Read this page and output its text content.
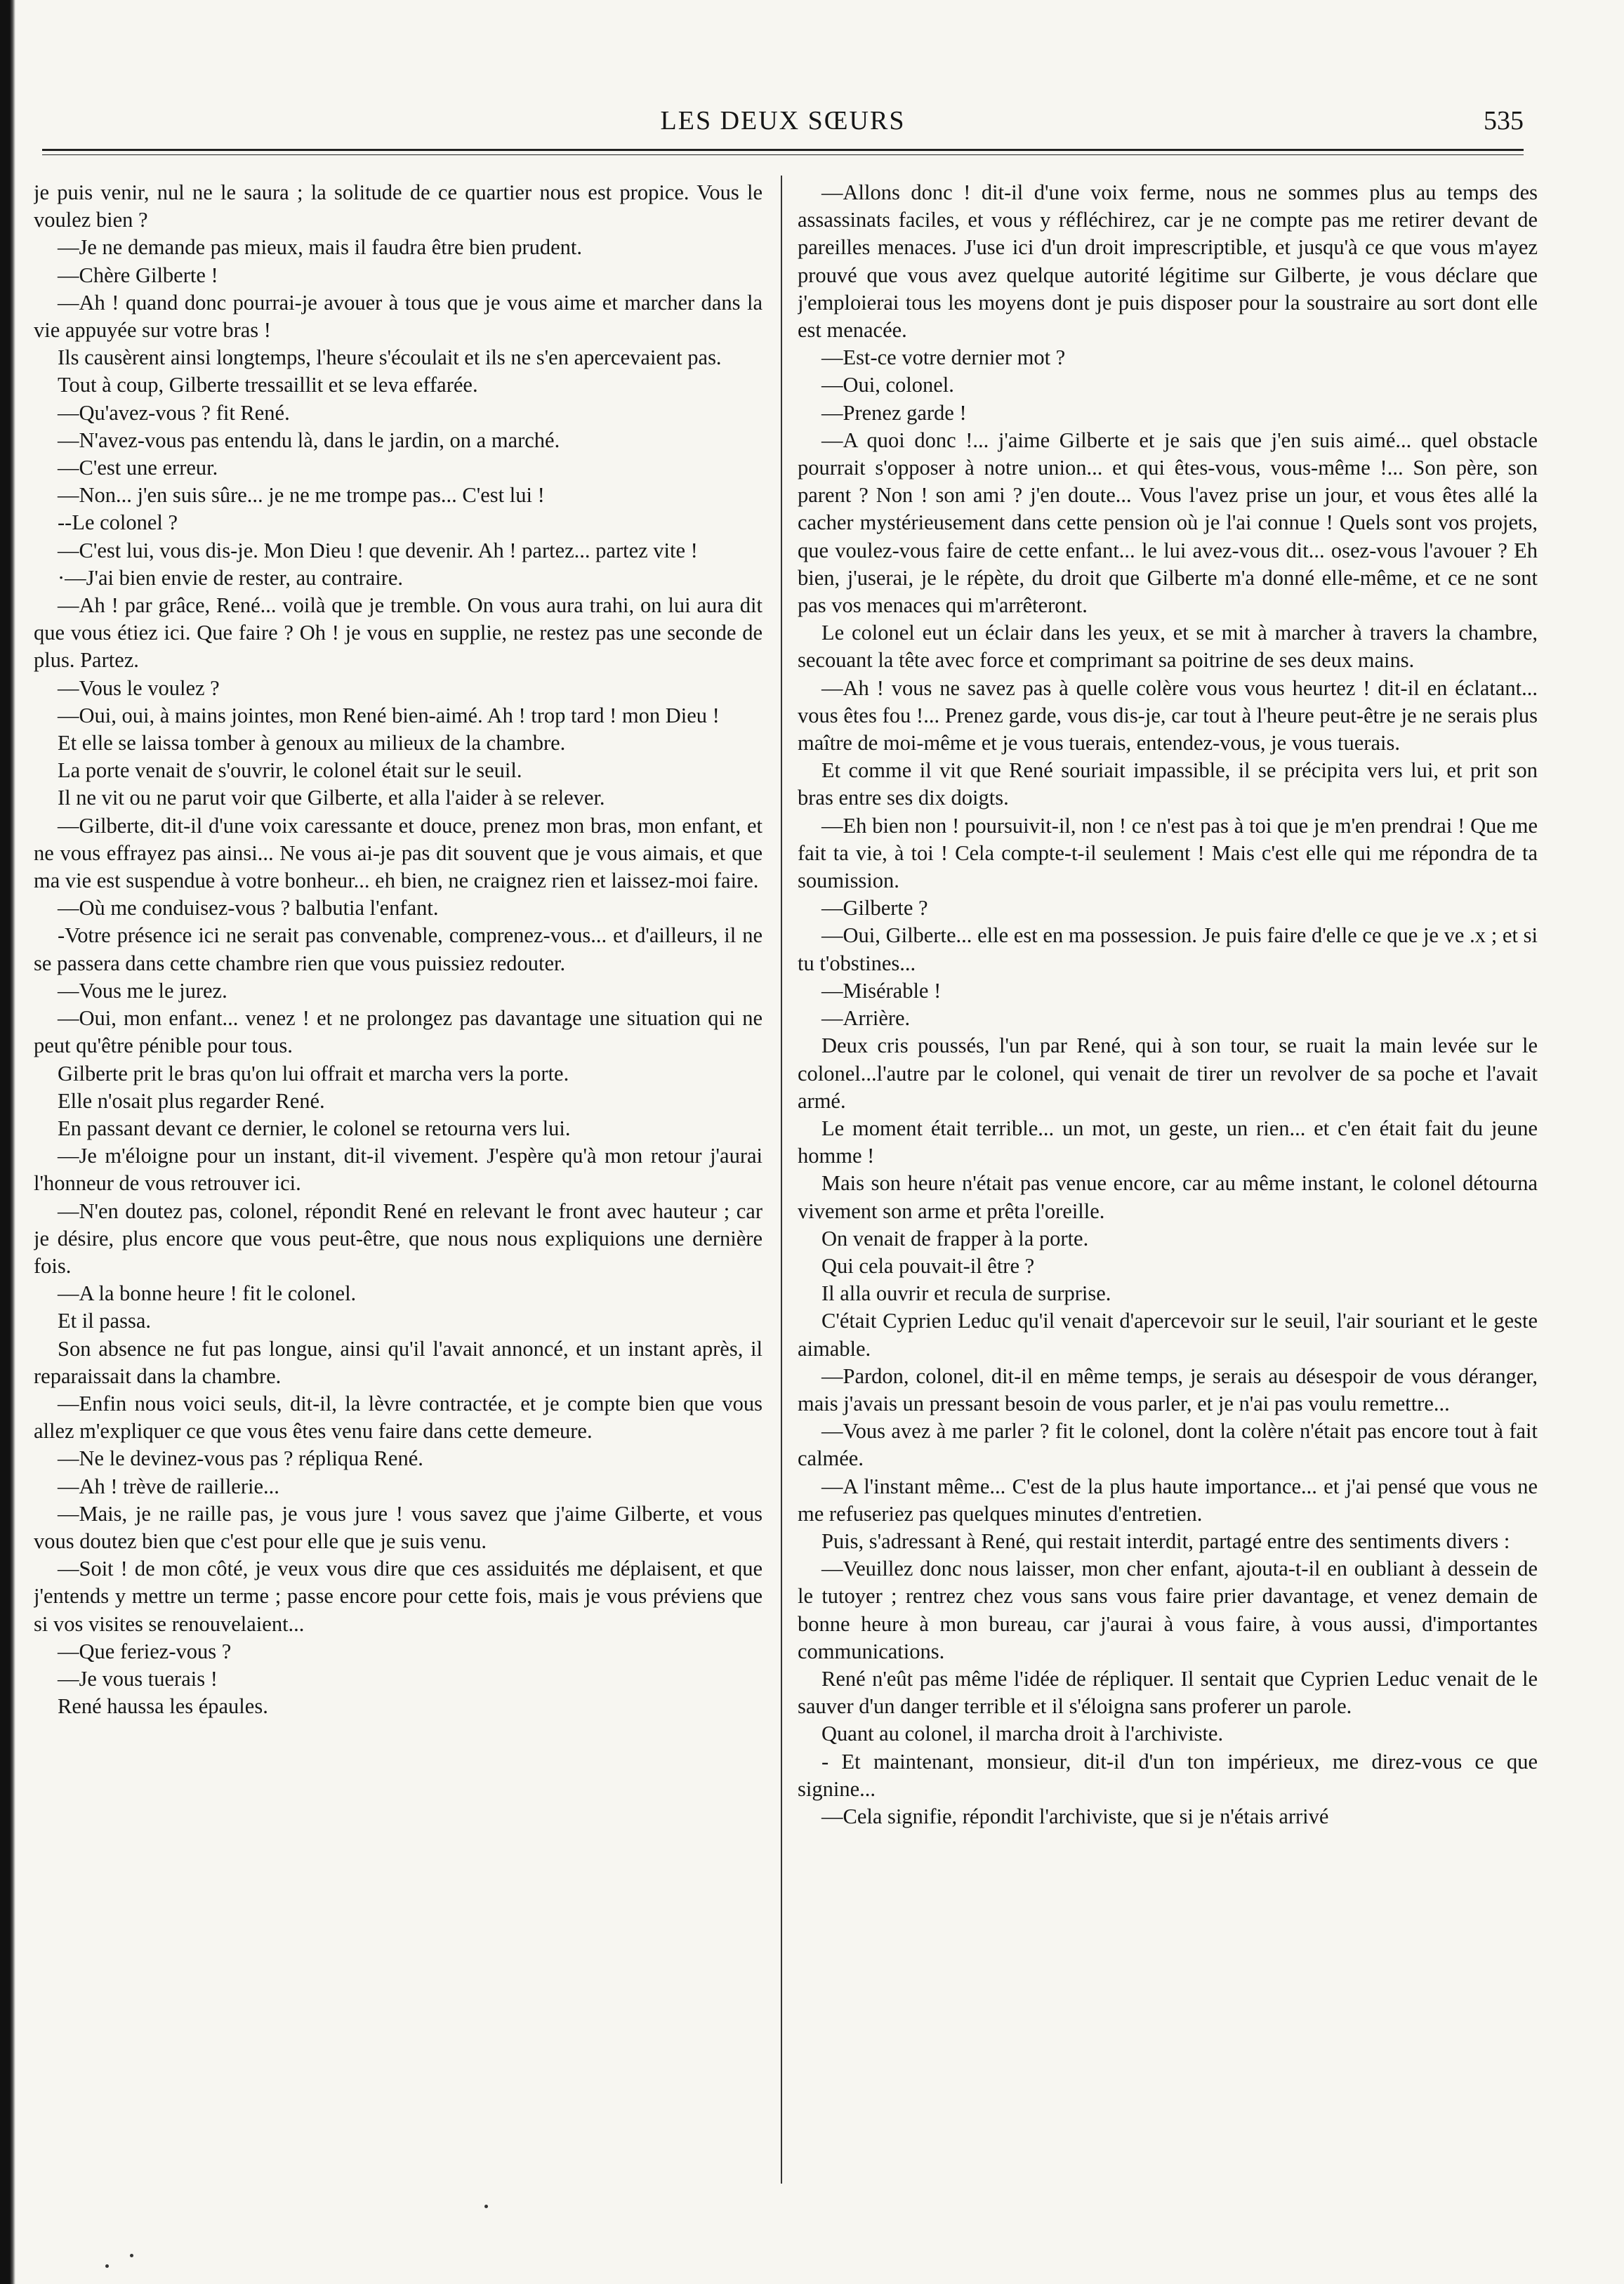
LES DEUX SŒURS	535

je puis venir, nul ne le saura ; la solitude de ce quartier nous est propice. Vous le voulez bien ?

—Je ne demande pas mieux, mais il faudra être bien prudent.

—Chère Gilberte !

—Ah ! quand donc pourrai-je avouer à tous que je vous aime et marcher dans la vie appuyée sur votre bras !

Ils causèrent ainsi longtemps, l'heure s'écoulait et ils ne s'en apercevaient pas.

Tout à coup, Gilberte tressaillit et se leva effarée.

—Qu'avez-vous ? fit René.

—N'avez-vous pas entendu là, dans le jardin, on a marché.

—C'est une erreur.

—Non... j'en suis sûre... je ne me trompe pas... C'est lui !

--Le colonel ?

—C'est lui, vous dis-je. Mon Dieu ! que devenir. Ah ! partez... partez vite !

·—J'ai bien envie de rester, au contraire.

—Ah ! par grâce, René... voilà que je tremble. On vous aura trahi, on lui aura dit que vous étiez ici. Que faire ? Oh ! je vous en supplie, ne restez pas une seconde de plus. Partez.

—Vous le voulez ?

—Oui, oui, à mains jointes, mon René bien-aimé. Ah ! trop tard ! mon Dieu !

Et elle se laissa tomber à genoux au milieux de la chambre.

La porte venait de s'ouvrir, le colonel était sur le seuil.

Il ne vit ou ne parut voir que Gilberte, et alla l'aider à se relever.

—Gilberte, dit-il d'une voix caressante et douce, prenez mon bras, mon enfant, et ne vous effrayez pas ainsi... Ne vous ai-je pas dit souvent que je vous aimais, et que ma vie est suspendue à votre bonheur... eh bien, ne craignez rien et laissez-moi faire.

—Où me conduisez-vous ? balbutia l'enfant.

-Votre présence ici ne serait pas convenable, comprenez-vous... et d'ailleurs, il ne se passera dans cette chambre rien que vous puissiez redouter.

—Vous me le jurez.

—Oui, mon enfant... venez ! et ne prolongez pas davantage une situation qui ne peut qu'être pénible pour tous.

Gilberte prit le bras qu'on lui offrait et marcha vers la porte.

Elle n'osait plus regarder René.

En passant devant ce dernier, le colonel se retourna vers lui.

—Je m'éloigne pour un instant, dit-il vivement. J'espère qu'à mon retour j'aurai l'honneur de vous retrouver ici.

—N'en doutez pas, colonel, répondit René en relevant le front avec hauteur ; car je désire, plus encore que vous peut-être, que nous nous expliquions une dernière fois.

—A la bonne heure ! fit le colonel.

Et il passa.

Son absence ne fut pas longue, ainsi qu'il l'avait annoncé, et un instant après, il reparaissait dans la chambre.

—Enfin nous voici seuls, dit-il, la lèvre contractée, et je compte bien que vous allez m'expliquer ce que vous êtes venu faire dans cette demeure.

—Ne le devinez-vous pas ? répliqua René.

—Ah ! trève de raillerie...

—Mais, je ne raille pas, je vous jure ! vous savez que j'aime Gilberte, et vous vous doutez bien que c'est pour elle que je suis venu.

—Soit ! de mon côté, je veux vous dire que ces assiduités me déplaisent, et que j'entends y mettre un terme ; passe encore pour cette fois, mais je vous préviens que si vos visites se renouvelaient...

—Que feriez-vous ?

—Je vous tuerais !

René haussa les épaules.

—Allons donc ! dit-il d'une voix ferme, nous ne sommes plus au temps des assassinats faciles, et vous y réfléchirez, car je ne compte pas me retirer devant de pareilles menaces. J'use ici d'un droit imprescriptible, et jusqu'à ce que vous m'ayez prouvé que vous avez quelque autorité légitime sur Gilberte, je vous déclare que j'emploierai tous les moyens dont je puis disposer pour la soustraire au sort dont elle est menacée.

—Est-ce votre dernier mot ?

—Oui, colonel.

—Prenez garde !

—A quoi donc !... j'aime Gilberte et je sais que j'en suis aimé... quel obstacle pourrait s'opposer à notre union... et qui êtes-vous, vous-même !... Son père, son parent ? Non ! son ami ? j'en doute... Vous l'avez prise un jour, et vous êtes allé la cacher mystérieusement dans cette pension où je l'ai connue ! Quels sont vos projets, que voulez-vous faire de cette enfant... le lui avez-vous dit... osez-vous l'avouer ? Eh bien, j'userai, je le répète, du droit que Gilberte m'a donné elle-même, et ce ne sont pas vos menaces qui m'arrêteront.

Le colonel eut un éclair dans les yeux, et se mit à marcher à travers la chambre, secouant la tête avec force et comprimant sa poitrine de ses deux mains.

—Ah ! vous ne savez pas à quelle colère vous vous heurtez ! dit-il en éclatant... vous êtes fou !... Prenez garde, vous dis-je, car tout à l'heure peut-être je ne serais plus maître de moi-même et je vous tuerais, entendez-vous, je vous tuerais.

Et comme il vit que René souriait impassible, il se précipita vers lui, et prit son bras entre ses dix doigts.

—Eh bien non ! poursuivit-il, non ! ce n'est pas à toi que je m'en prendrai ! Que me fait ta vie, à toi ! Cela compte-t-il seulement ! Mais c'est elle qui me répondra de ta soumission.

—Gilberte ?

—Oui, Gilberte... elle est en ma possession. Je puis faire d'elle ce que je ve .x ; et si tu t'obstines...

—Misérable !

—Arrière.

Deux cris poussés, l'un par René, qui à son tour, se ruait la main levée sur le colonel...l'autre par le colonel, qui venait de tirer un revolver de sa poche et l'avait armé.

Le moment était terrible... un mot, un geste, un rien... et c'en était fait du jeune homme !

Mais son heure n'était pas venue encore, car au même instant, le colonel détourna vivement son arme et prêta l'oreille.

On venait de frapper à la porte.

Qui cela pouvait-il être ?

Il alla ouvrir et recula de surprise.

C'était Cyprien Leduc qu'il venait d'apercevoir sur le seuil, l'air souriant et le geste aimable.

—Pardon, colonel, dit-il en même temps, je serais au désespoir de vous déranger, mais j'avais un pressant besoin de vous parler, et je n'ai pas voulu remettre...

—Vous avez à me parler ? fit le colonel, dont la colère n'était pas encore tout à fait calmée.

—A l'instant même... C'est de la plus haute importance... et j'ai pensé que vous ne me refuseriez pas quelques minutes d'entretien.

Puis, s'adressant à René, qui restait interdit, partagé entre des sentiments divers :

—Veuillez donc nous laisser, mon cher enfant, ajouta-t-il en oubliant à dessein de le tutoyer ; rentrez chez vous sans vous faire prier davantage, et venez demain de bonne heure à mon bureau, car j'aurai à vous faire, à vous aussi, d'importantes communications.

René n'eût pas même l'idée de répliquer. Il sentait que Cyprien Leduc venait de le sauver d'un danger terrible et il s'éloigna sans proferer un parole.

Quant au colonel, il marcha droit à l'archiviste.

- Et maintenant, monsieur, dit-il d'un ton impérieux, me direz-vous ce que signine...

—Cela signifie, répondit l'archiviste, que si je n'étais arrivé
